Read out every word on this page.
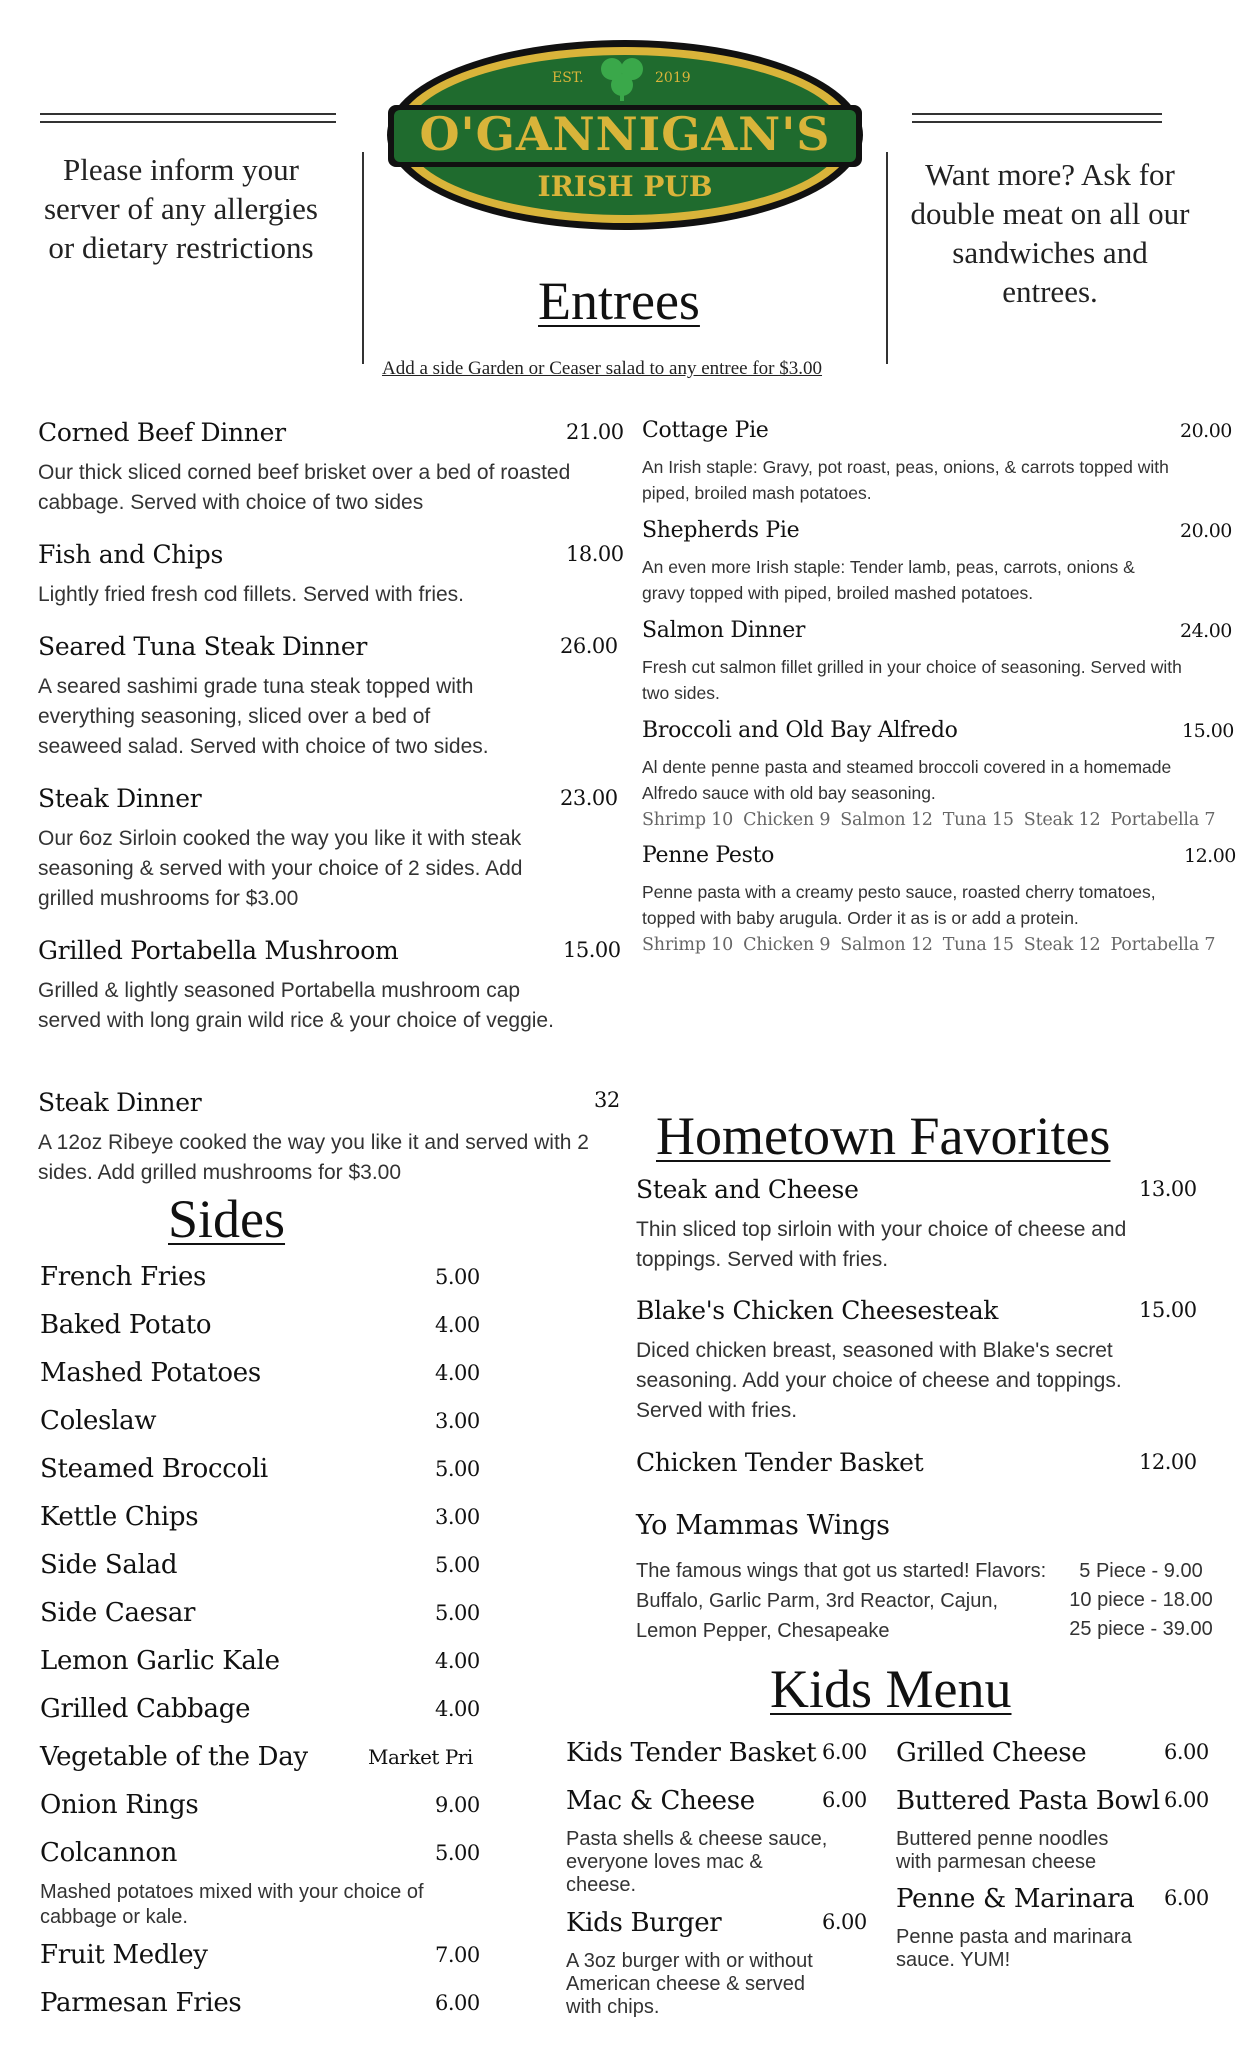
Please inform your server of any allergies or dietary restrictions
Want more? Ask for double meat on all our sandwiches and entrees.
EST.	2019
O'GANNIGAN'S
IRISH PUB
Entrees
Add a side Garden or Ceaser salad to any entree for $3.00
Corned Beef Dinner	21.00
Our thick sliced corned beef brisket over a bed of roasted cabbage. Served with choice of two sides
Fish and Chips	18.00
Lightly fried fresh cod fillets. Served with fries.
Seared Tuna Steak Dinner	26.00
A seared sashimi grade tuna steak topped with everything seasoning, sliced over a bed of seaweed salad. Served with choice of two sides.
Steak Dinner	23.00
Our 6oz Sirloin cooked the way you like it with steak seasoning & served with your choice of 2 sides. Add grilled mushrooms for $3.00
Grilled Portabella Mushroom	15.00
Grilled & lightly seasoned Portabella mushroom cap served with long grain wild rice & your choice of veggie.
Steak Dinner	32
A 12oz Ribeye cooked the way you like it and served with 2 sides. Add grilled mushrooms for $3.00
Cottage Pie	20.00
An Irish staple: Gravy, pot roast, peas, onions, & carrots topped with piped, broiled mash potatoes.
Shepherds Pie	20.00
An even more Irish staple: Tender lamb, peas, carrots, onions & gravy topped with piped, broiled mashed potatoes.
Salmon Dinner	24.00
Fresh cut salmon fillet grilled in your choice of seasoning. Served with two sides.
Broccoli and Old Bay Alfredo	15.00
Al dente penne pasta and steamed broccoli covered in a homemade Alfredo sauce with old bay seasoning.
Shrimp 10 Chicken 9 Salmon 12 Tuna 15 Steak 12 Portabella 7
Penne Pesto	12.00
Penne pasta with a creamy pesto sauce, roasted cherry tomatoes, topped with baby arugula. Order it as is or add a protein.
Shrimp 10 Chicken 9 Salmon 12 Tuna 15 Steak 12 Portabella 7
Sides
French Fries	5.00
Baked Potato	4.00
Mashed Potatoes	4.00
Coleslaw	3.00
Steamed Broccoli	5.00
Kettle Chips	3.00
Side Salad	5.00
Side Caesar	5.00
Lemon Garlic Kale	4.00
Grilled Cabbage	4.00
Vegetable of the Day	Market Pri
Onion Rings	9.00
Colcannon	5.00
Mashed potatoes mixed with your choice of cabbage or kale.
Fruit Medley	7.00
Parmesan Fries	6.00
Hometown Favorites
Steak and Cheese	13.00
Thin sliced top sirloin with your choice of cheese and toppings. Served with fries.
Blake's Chicken Cheesesteak	15.00
Diced chicken breast, seasoned with Blake's secret seasoning. Add your choice of cheese and toppings. Served with fries.
Chicken Tender Basket	12.00
Yo Mammas Wings
The famous wings that got us started! Flavors: Buffalo, Garlic Parm, 3rd Reactor, Cajun, Lemon Pepper, Chesapeake
5 Piece - 9.00
10 piece - 18.00
25 piece - 39.00
Kids Menu
Kids Tender Basket 6.00
Mac & Cheese	6.00
Pasta shells & cheese sauce, everyone loves mac & cheese.
Kids Burger	6.00
A 3oz burger with or without American cheese & served with chips.
Grilled Cheese	6.00
Buttered Pasta Bowl 6.00
Buttered penne noodles with parmesan cheese
Penne & Marinara 6.00
Penne pasta and marinara sauce. YUM!
